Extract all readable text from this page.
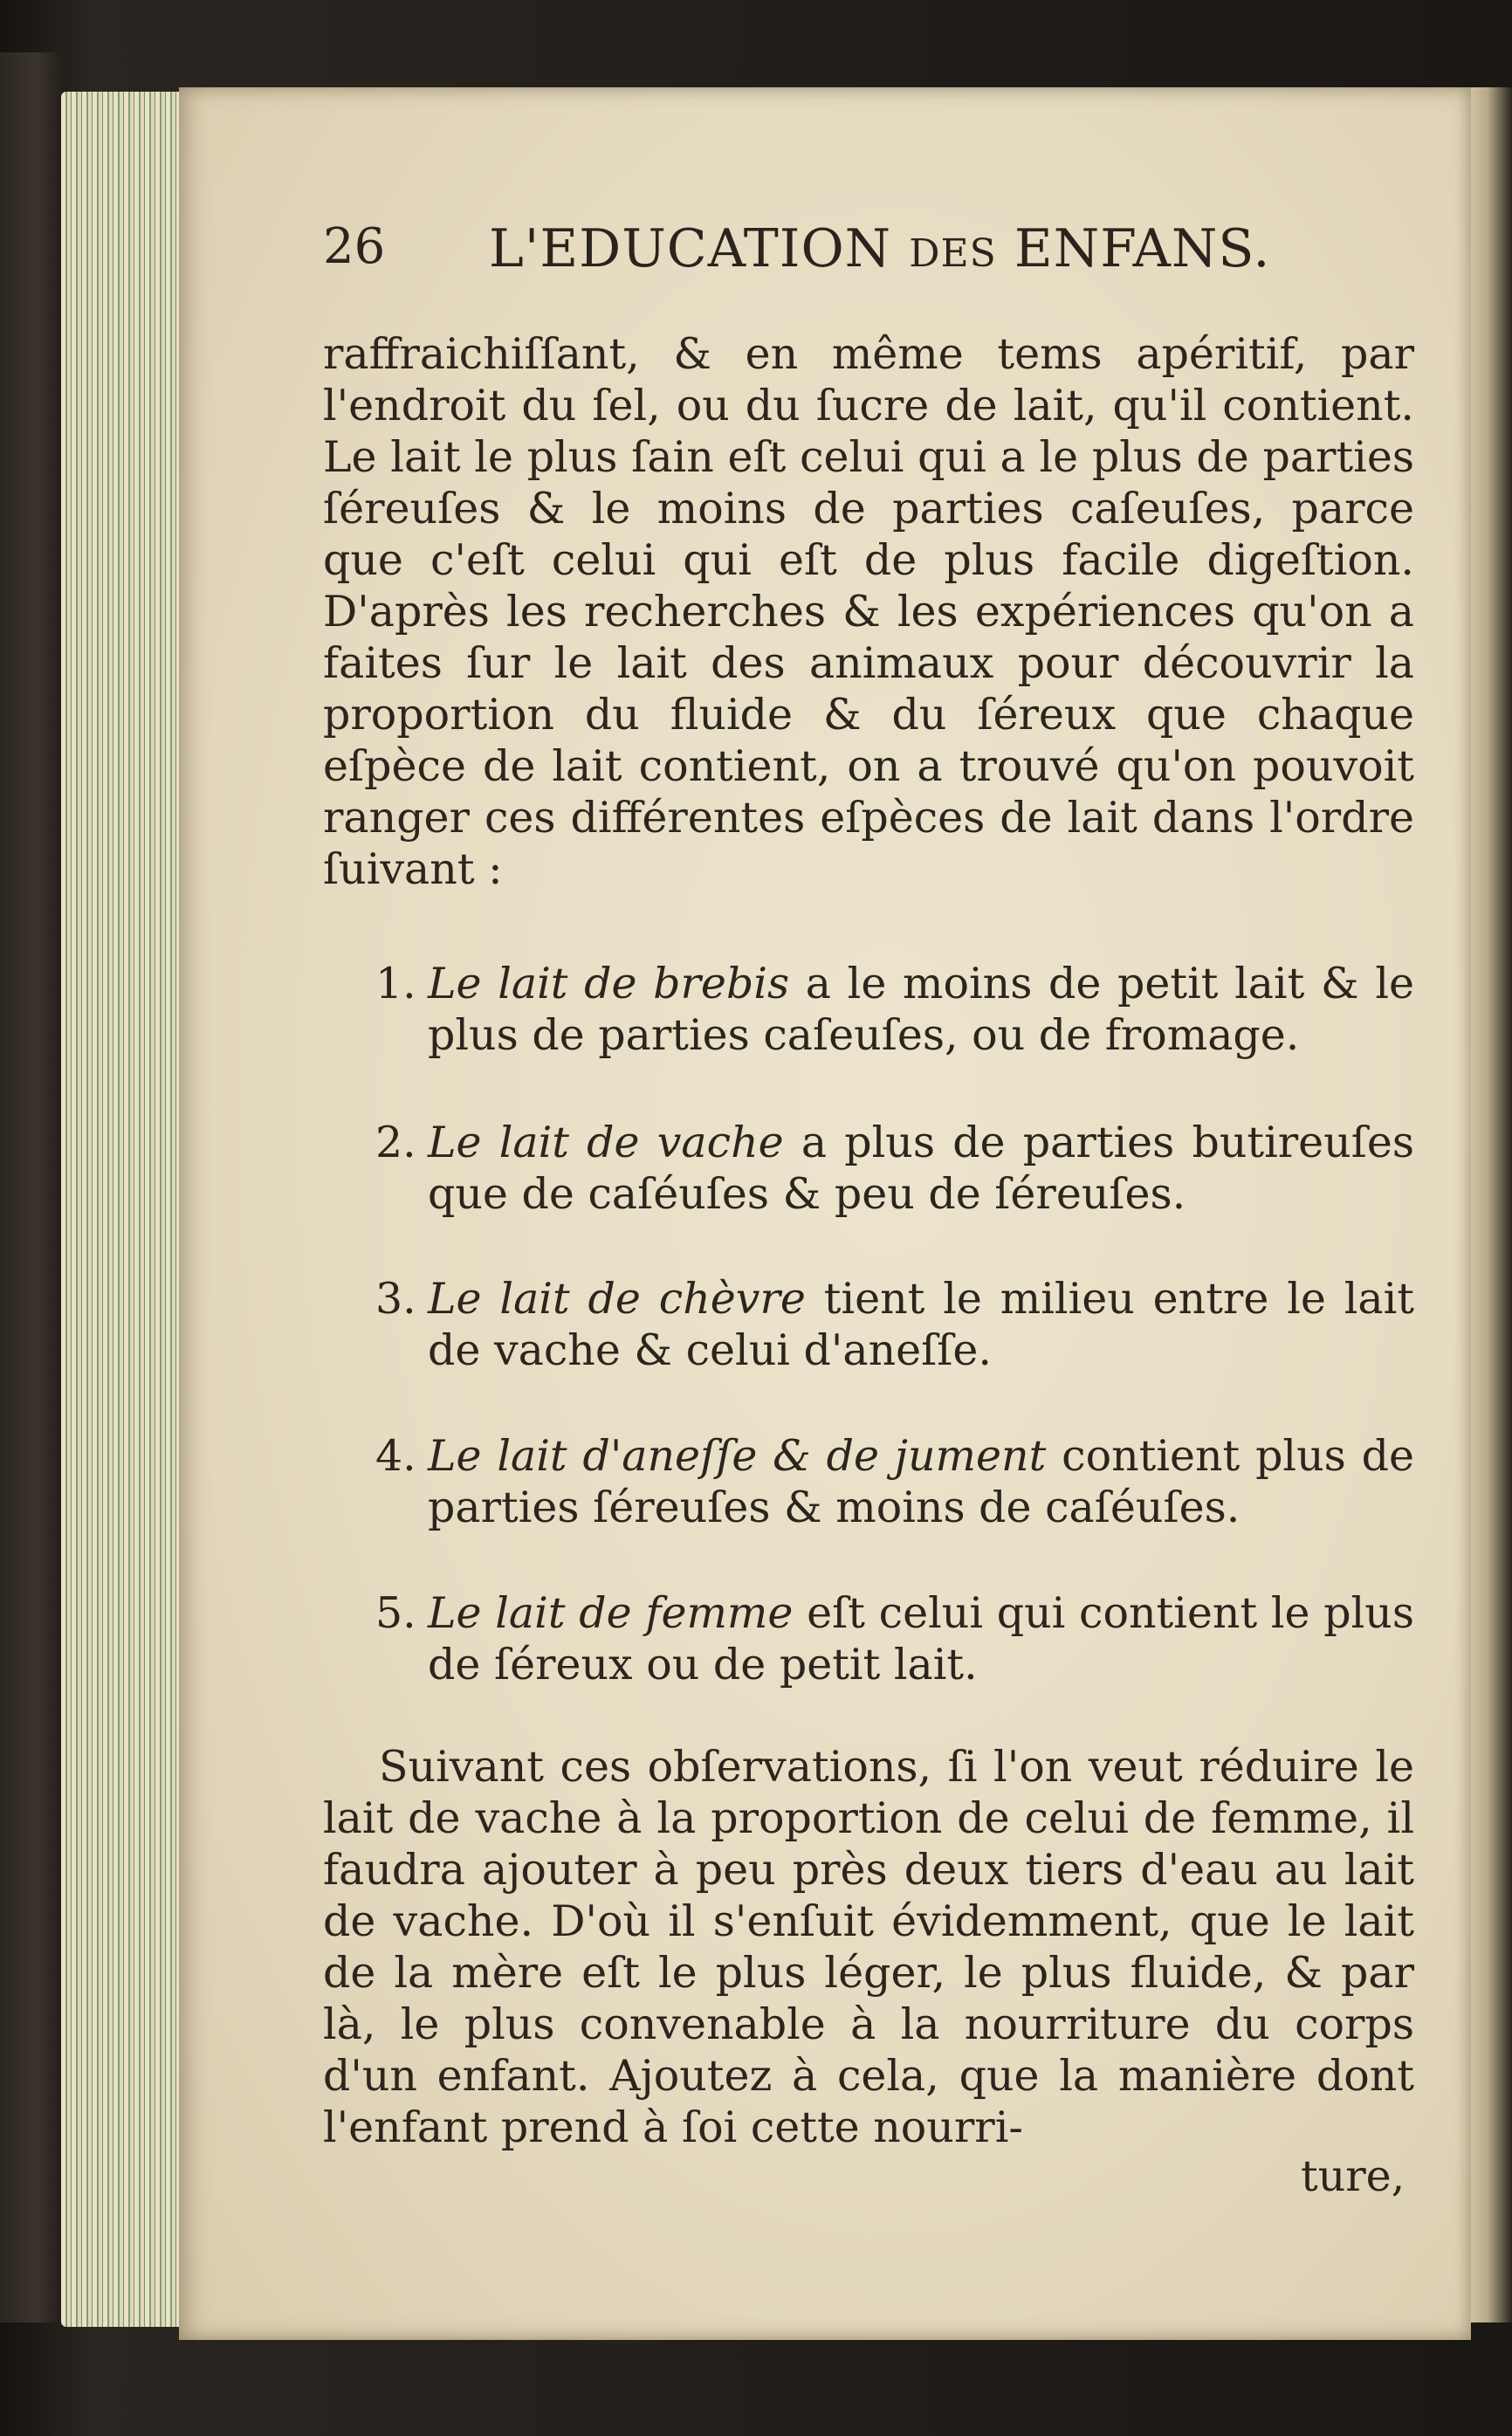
26 L'EDUCATION DES ENFANS.
raffraichiſſant, & en même tems apéritif, par l'endroit du ſel, ou du ſucre de lait, qu'il contient. Le lait le plus ſain eſt celui qui a le plus de parties ſéreuſes & le moins de parties caſeuſes, parce que c'eſt celui qui eſt de plus facile digeſtion. D'après les recherches & les expériences qu'on a faites ſur le lait des animaux pour découvrir la proportion du fluide & du ſéreux que chaque eſpèce de lait contient, on a trouvé qu'on pouvoit ranger ces différentes eſpèces de lait dans l'ordre ſuivant :
1. Le lait de brebis a le moins de petit lait & le plus de parties caſeuſes, ou de fromage.
2. Le lait de vache a plus de parties butireuſes que de caſéuſes & peu de ſéreuſes.
3. Le lait de chèvre tient le milieu entre le lait de vache & celui d'aneſſe.
4. Le lait d'aneſſe & de jument contient plus de parties ſéreuſes & moins de caſéuſes.
5. Le lait de femme eſt celui qui contient le plus de ſéreux ou de petit lait.
Suivant ces obſervations, ſi l'on veut réduire le lait de vache à la proportion de celui de femme, il faudra ajouter à peu près deux tiers d'eau au lait de vache. D'où il s'enſuit évidemment, que le lait de la mère eſt le plus léger, le plus fluide, & par là, le plus convenable à la nourriture du corps d'un enfant. Ajoutez à cela, que la manière dont l'enfant prend à ſoi cette nourri-
ture,
